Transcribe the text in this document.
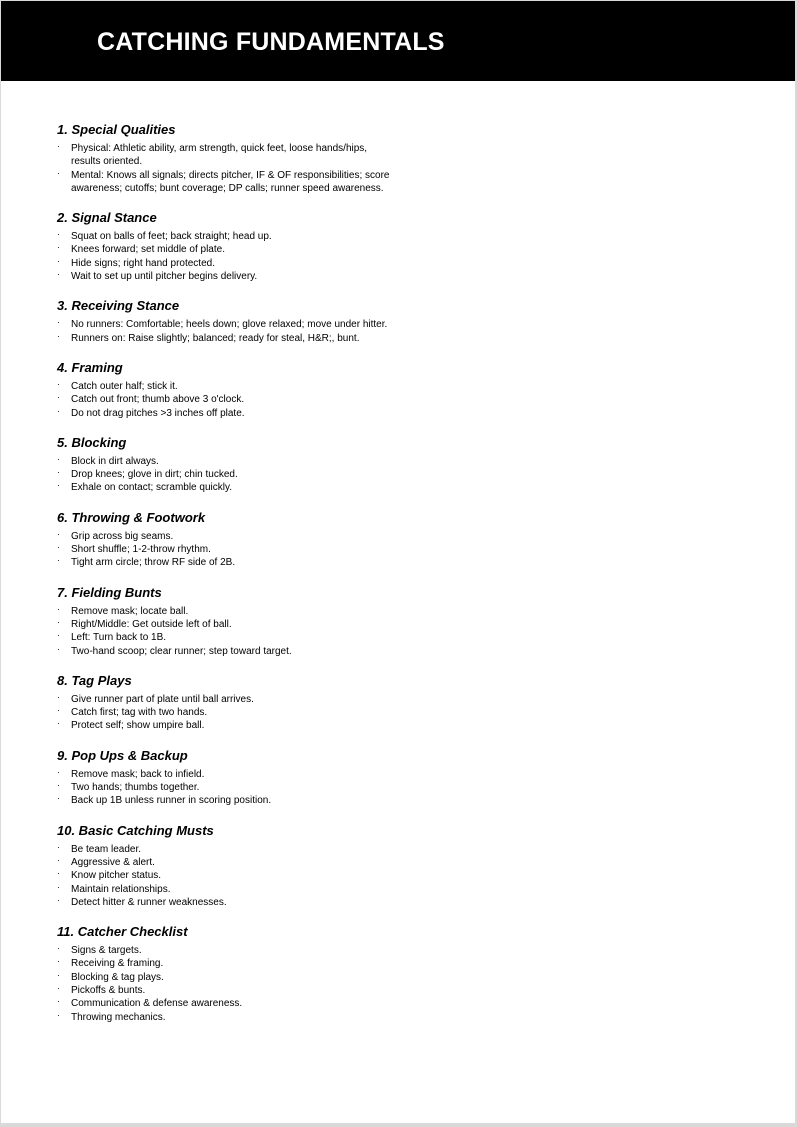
CATCHING FUNDAMENTALS
1. Special Qualities
· Physical: Athletic ability, arm strength, quick feet, loose hands/hips, results oriented.
· Mental: Knows all signals; directs pitcher, IF & OF responsibilities; score awareness; cutoffs; bunt coverage; DP calls; runner speed awareness.
2. Signal Stance
· Squat on balls of feet; back straight; head up.
· Knees forward; set middle of plate.
· Hide signs; right hand protected.
· Wait to set up until pitcher begins delivery.
3. Receiving Stance
· No runners: Comfortable; heels down; glove relaxed; move under hitter.
· Runners on: Raise slightly; balanced; ready for steal, H&R;, bunt.
4. Framing
· Catch outer half; stick it.
· Catch out front; thumb above 3 o'clock.
· Do not drag pitches >3 inches off plate.
5. Blocking
· Block in dirt always.
· Drop knees; glove in dirt; chin tucked.
· Exhale on contact; scramble quickly.
6. Throwing & Footwork
· Grip across big seams.
· Short shuffle; 1-2-throw rhythm.
· Tight arm circle; throw RF side of 2B.
7. Fielding Bunts
· Remove mask; locate ball.
· Right/Middle: Get outside left of ball.
· Left: Turn back to 1B.
· Two-hand scoop; clear runner; step toward target.
8. Tag Plays
· Give runner part of plate until ball arrives.
· Catch first; tag with two hands.
· Protect self; show umpire ball.
9. Pop Ups & Backup
· Remove mask; back to infield.
· Two hands; thumbs together.
· Back up 1B unless runner in scoring position.
10. Basic Catching Musts
· Be team leader.
· Aggressive & alert.
· Know pitcher status.
· Maintain relationships.
· Detect hitter & runner weaknesses.
11. Catcher Checklist
· Signs & targets.
· Receiving & framing.
· Blocking & tag plays.
· Pickoffs & bunts.
· Communication & defense awareness.
· Throwing mechanics.
